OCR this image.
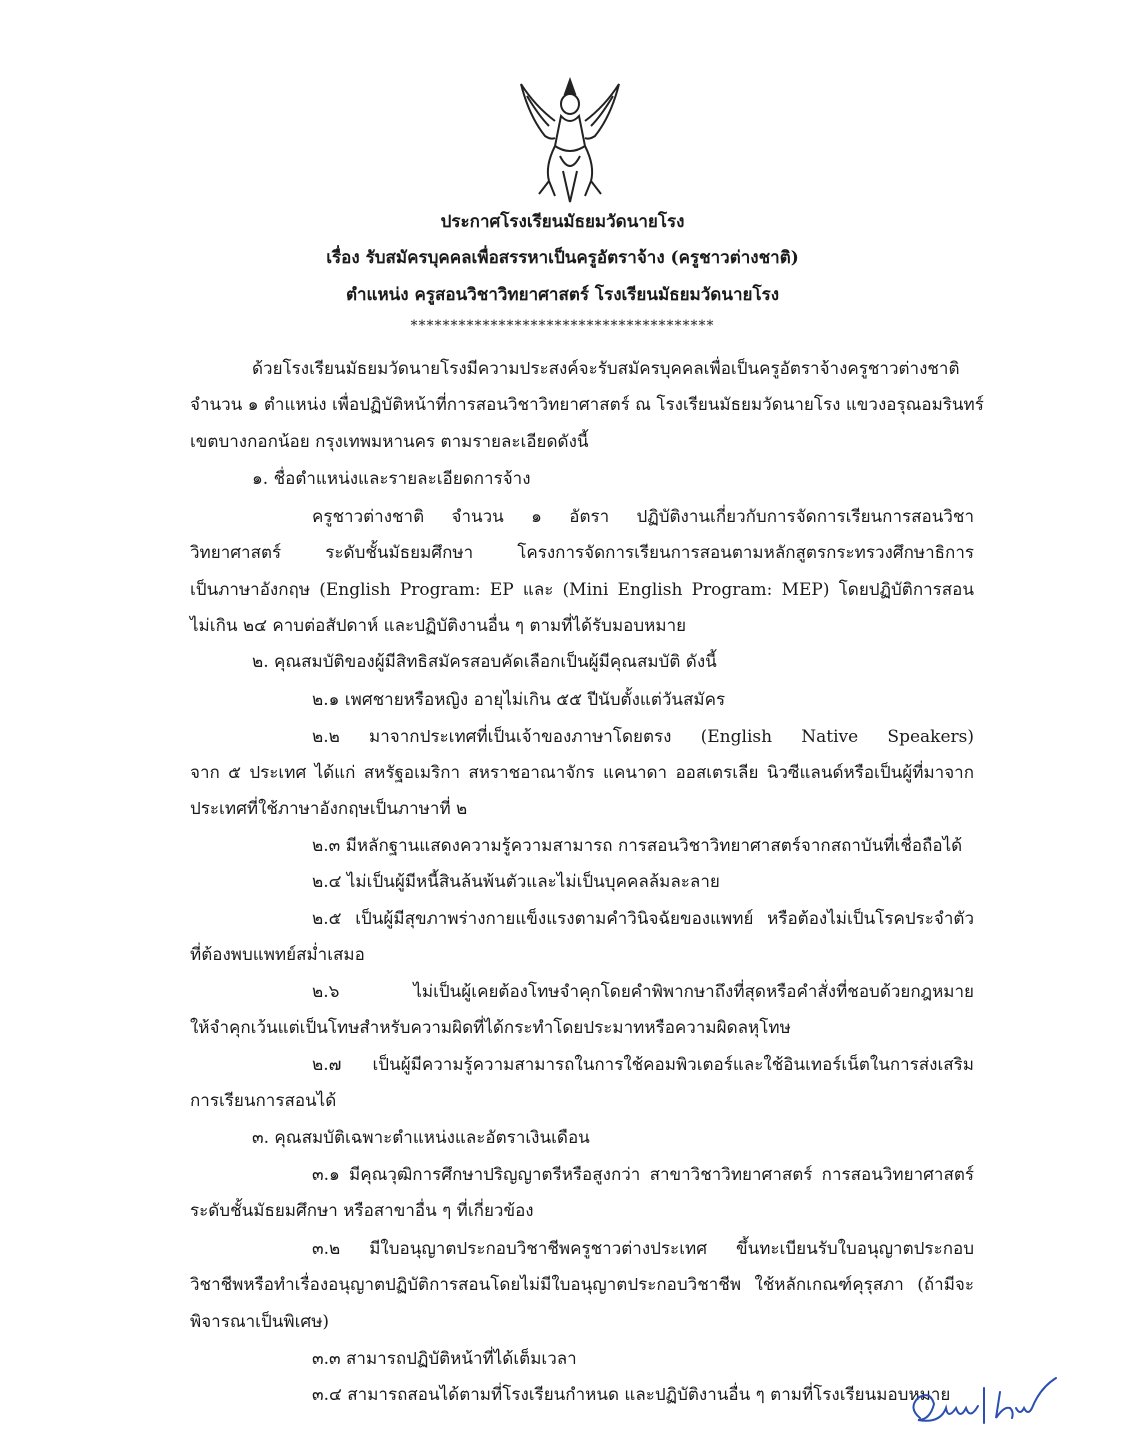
ประกาศโรงเรียนมัธยมวัดนายโรง
เรื่อง รับสมัครบุคคลเพื่อสรรหาเป็นครูอัตราจ้าง (ครูชาวต่างชาติ)
ตำแหน่ง ครูสอนวิชาวิทยาศาสตร์ โรงเรียนมัธยมวัดนายโรง
**************************************
ด้วยโรงเรียนมัธยมวัดนายโรงมีความประสงค์จะรับสมัครบุคคลเพื่อเป็นครูอัตราจ้างครูชาวต่างชาติ
จำนวน ๑ ตำแหน่ง เพื่อปฏิบัติหน้าที่การสอนวิชาวิทยาศาสตร์ ณ โรงเรียนมัธยมวัดนายโรง แขวงอรุณอมรินทร์
เขตบางกอกน้อย กรุงเทพมหานคร ตามรายละเอียดดังนี้
๑. ชื่อตำแหน่งและรายละเอียดการจ้าง
ครูชาวต่างชาติ จำนวน ๑ อัตรา ปฏิบัติงานเกี่ยวกับการจัดการเรียนการสอนวิชา
วิทยาศาสตร์ ระดับชั้นมัธยมศึกษา โครงการจัดการเรียนการสอนตามหลักสูตรกระทรวงศึกษาธิการ
เป็นภาษาอังกฤษ (English Program: EP และ (Mini English Program: MEP) โดยปฏิบัติการสอน
ไม่เกิน ๒๔ คาบต่อสัปดาห์ และปฏิบัติงานอื่น ๆ ตามที่ได้รับมอบหมาย
๒. คุณสมบัติของผู้มีสิทธิสมัครสอบคัดเลือกเป็นผู้มีคุณสมบัติ ดังนี้
๒.๑ เพศชายหรือหญิง อายุไม่เกิน ๕๕ ปีนับตั้งแต่วันสมัคร
๒.๒ มาจากประเทศที่เป็นเจ้าของภาษาโดยตรง (English Native Speakers)
จาก ๕ ประเทศ ได้แก่ สหรัฐอเมริกา สหราชอาณาจักร แคนาดา ออสเตรเลีย นิวซีแลนด์หรือเป็นผู้ที่มาจาก
ประเทศที่ใช้ภาษาอังกฤษเป็นภาษาที่ ๒
๒.๓ มีหลักฐานแสดงความรู้ความสามารถ การสอนวิชาวิทยาศาสตร์จากสถาบันที่เชื่อถือได้
๒.๔ ไม่เป็นผู้มีหนี้สินล้นพ้นตัวและไม่เป็นบุคคลล้มละลาย
๒.๕ เป็นผู้มีสุขภาพร่างกายแข็งแรงตามคำวินิจฉัยของแพทย์ หรือต้องไม่เป็นโรคประจำตัว
ที่ต้องพบแพทย์สม่ำเสมอ
๒.๖ ไม่เป็นผู้เคยต้องโทษจำคุกโดยคำพิพากษาถึงที่สุดหรือคำสั่งที่ชอบด้วยกฎหมาย
ให้จำคุกเว้นแต่เป็นโทษสำหรับความผิดที่ได้กระทำโดยประมาทหรือความผิดลหุโทษ
๒.๗ เป็นผู้มีความรู้ความสามารถในการใช้คอมพิวเตอร์และใช้อินเทอร์เน็ตในการส่งเสริม
การเรียนการสอนได้
๓. คุณสมบัติเฉพาะตำแหน่งและอัตราเงินเดือน
๓.๑ มีคุณวุฒิการศึกษาปริญญาตรีหรือสูงกว่า สาขาวิชาวิทยาศาสตร์ การสอนวิทยาศาสตร์
ระดับชั้นมัธยมศึกษา หรือสาขาอื่น ๆ ที่เกี่ยวข้อง
๓.๒ มีใบอนุญาตประกอบวิชาชีพครูชาวต่างประเทศ ขึ้นทะเบียนรับใบอนุญาตประกอบ
วิชาชีพหรือทำเรื่องอนุญาตปฏิบัติการสอนโดยไม่มีใบอนุญาตประกอบวิชาชีพ ใช้หลักเกณฑ์คุรุสภา (ถ้ามีจะ
พิจารณาเป็นพิเศษ)
๓.๓ สามารถปฏิบัติหน้าที่ได้เต็มเวลา
๓.๔ สามารถสอนได้ตามที่โรงเรียนกำหนด และปฏิบัติงานอื่น ๆ ตามที่โรงเรียนมอบหมาย
